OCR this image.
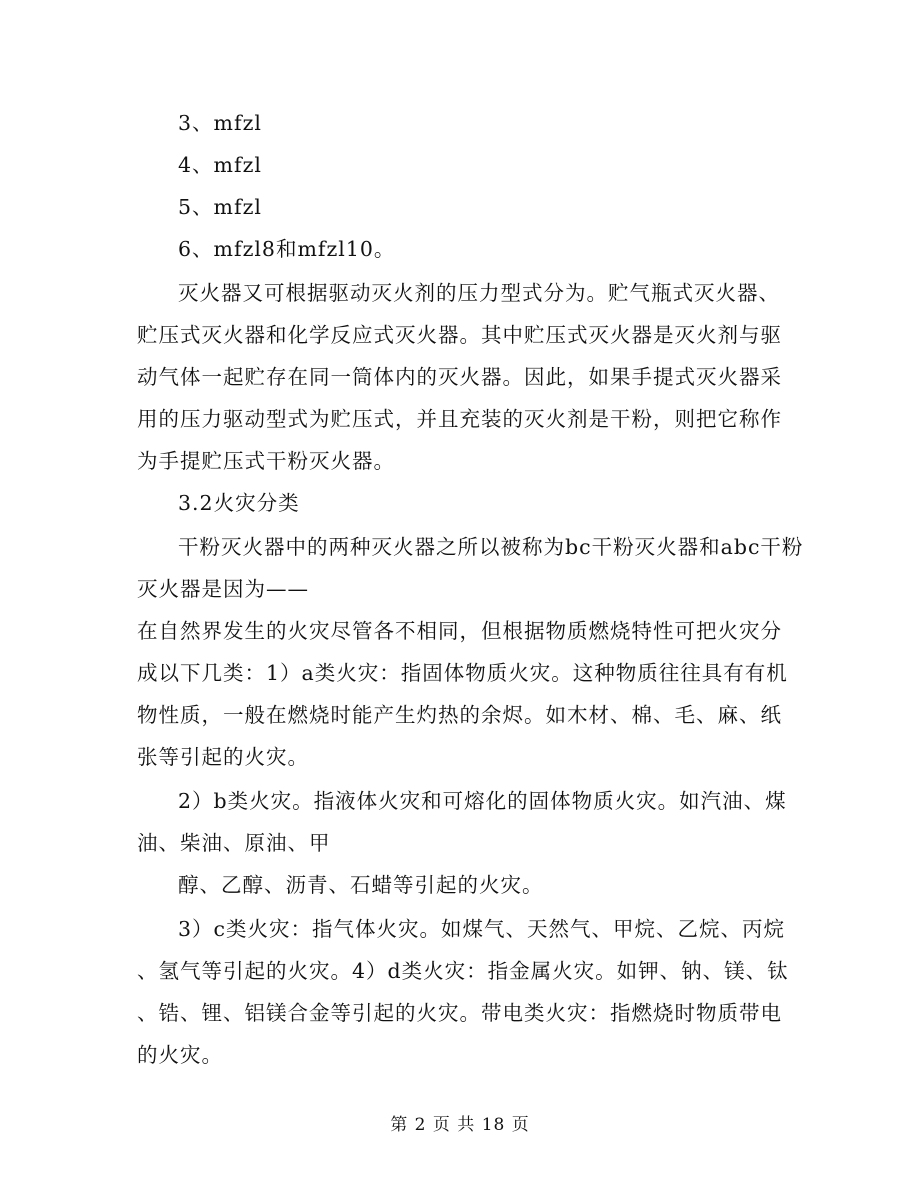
3、mfzl
4、mfzl
5、mfzl
6、mfzl8和mfzl10。
灭火器又可根据驱动灭火剂的压力型式分为。贮气瓶式灭火器、
贮压式灭火器和化学反应式灭火器。其中贮压式灭火器是灭火剂与驱
动气体一起贮存在同一筒体内的灭火器。因此，如果手提式灭火器采
用的压力驱动型式为贮压式，并且充装的灭火剂是干粉，则把它称作
为手提贮压式干粉灭火器。
3.2火灾分类
干粉灭火器中的两种灭火器之所以被称为bc干粉灭火器和abc干粉
灭火器是因为——
在自然界发生的火灾尽管各不相同，但根据物质燃烧特性可把火灾分
成以下几类：1）a类火灾：指固体物质火灾。这种物质往往具有有机
物性质，一般在燃烧时能产生灼热的余烬。如木材、棉、毛、麻、纸
张等引起的火灾。
2）b类火灾。指液体火灾和可熔化的固体物质火灾。如汽油、煤
油、柴油、原油、甲
醇、乙醇、沥青、石蜡等引起的火灾。
3）c类火灾：指气体火灾。如煤气、天然气、甲烷、乙烷、丙烷
、氢气等引起的火灾。4）d类火灾：指金属火灾。如钾、钠、镁、钛
、锆、锂、铝镁合金等引起的火灾。带电类火灾：指燃烧时物质带电
的火灾。
第 2 页 共 18 页
